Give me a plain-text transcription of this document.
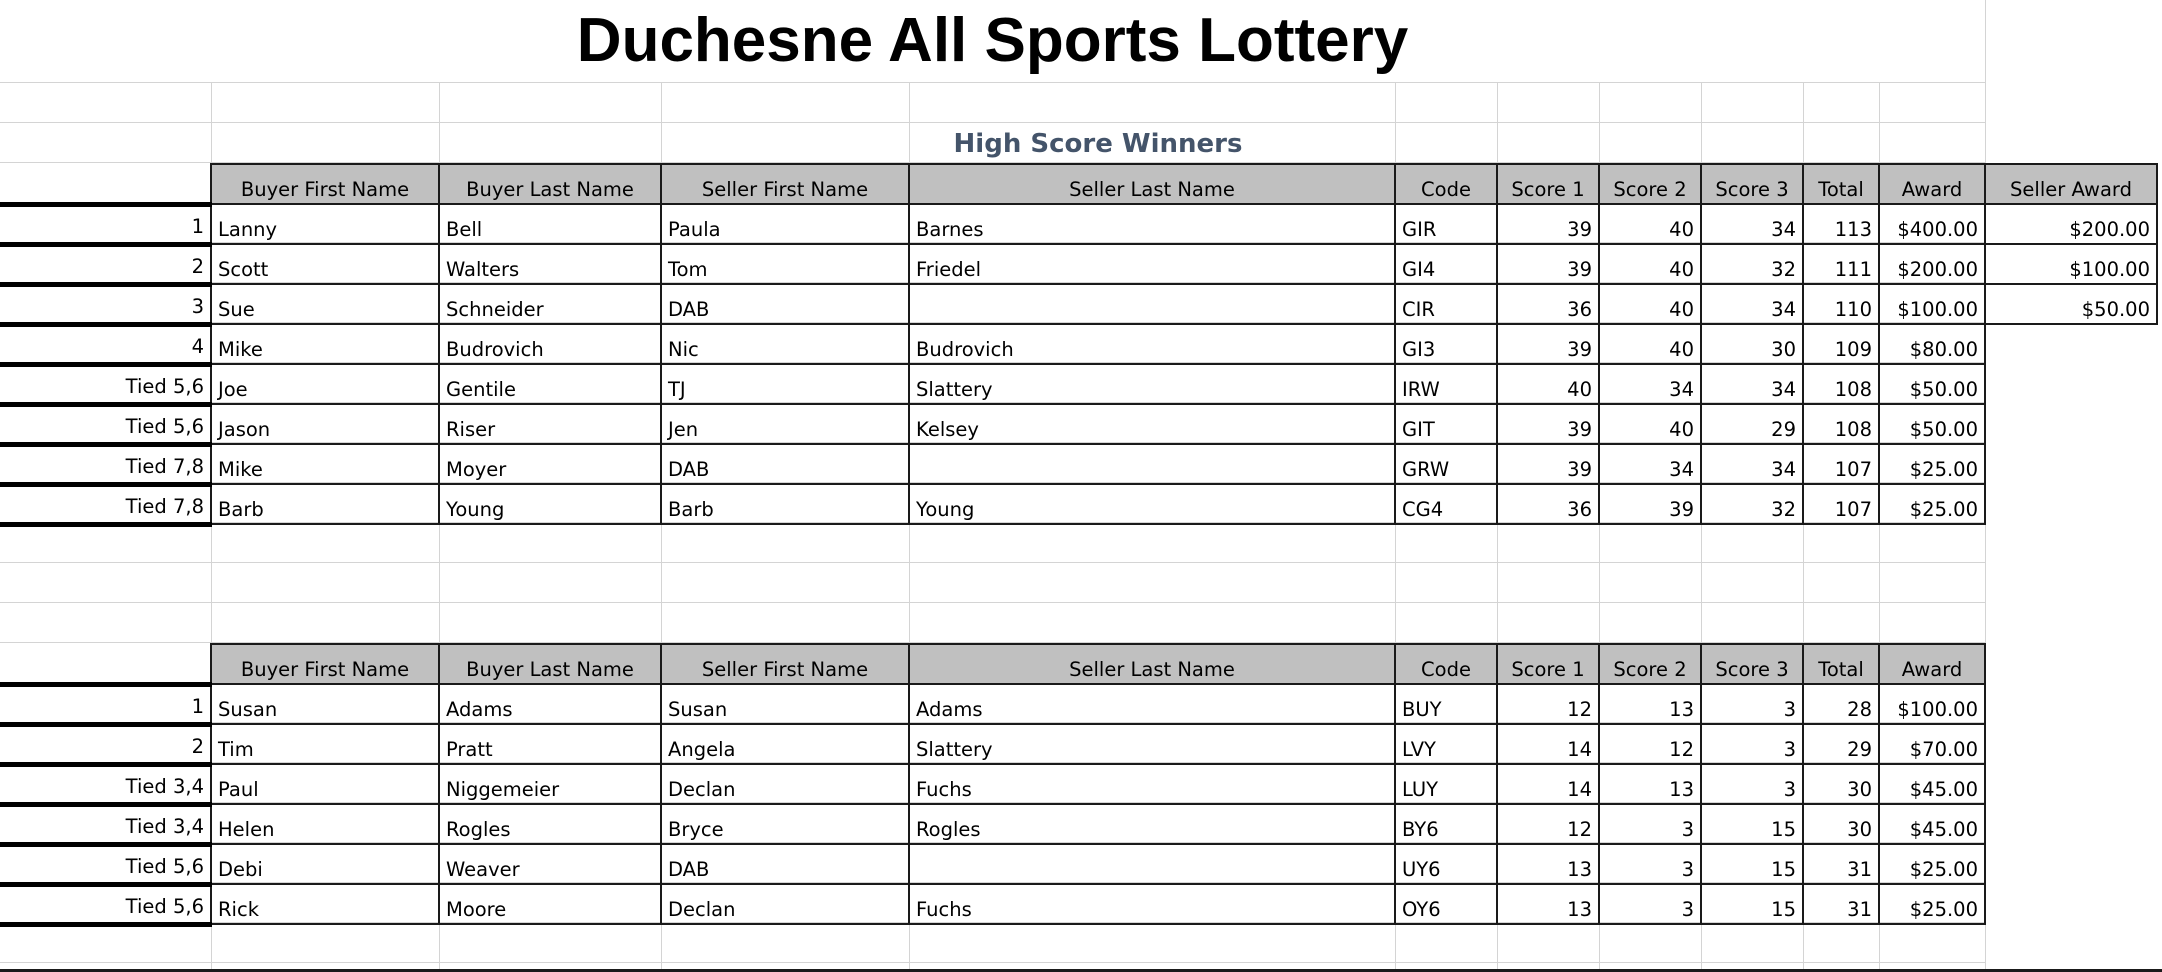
Duchesne All Sports Lottery
High Score Winners
	Buyer First Name	Buyer Last Name	Seller First Name	Seller Last Name	Code	Score 1	Score 2	Score 3	Total	Award	Seller Award
1	Lanny	Bell	Paula	Barnes	GIR	39	40	34	113	$400.00	$200.00
2	Scott	Walters	Tom	Friedel	GI4	39	40	32	111	$200.00	$100.00
3	Sue	Schneider	DAB		CIR	36	40	34	110	$100.00	$50.00
4	Mike	Budrovich	Nic	Budrovich	GI3	39	40	30	109	$80.00	
Tied 5,6	Joe	Gentile	TJ	Slattery	IRW	40	34	34	108	$50.00	
Tied 5,6	Jason	Riser	Jen	Kelsey	GIT	39	40	29	108	$50.00	
Tied 7,8	Mike	Moyer	DAB		GRW	39	34	34	107	$25.00	
Tied 7,8	Barb	Young	Barb	Young	CG4	36	39	32	107	$25.00	
	Buyer First Name	Buyer Last Name	Seller First Name	Seller Last Name	Code	Score 1	Score 2	Score 3	Total	Award
1	Susan	Adams	Susan	Adams	BUY	12	13	3	28	$100.00
2	Tim	Pratt	Angela	Slattery	LVY	14	12	3	29	$70.00
Tied 3,4	Paul	Niggemeier	Declan	Fuchs	LUY	14	13	3	30	$45.00
Tied 3,4	Helen	Rogles	Bryce	Rogles	BY6	12	3	15	30	$45.00
Tied 5,6	Debi	Weaver	DAB		UY6	13	3	15	31	$25.00
Tied 5,6	Rick	Moore	Declan	Fuchs	OY6	13	3	15	31	$25.00
